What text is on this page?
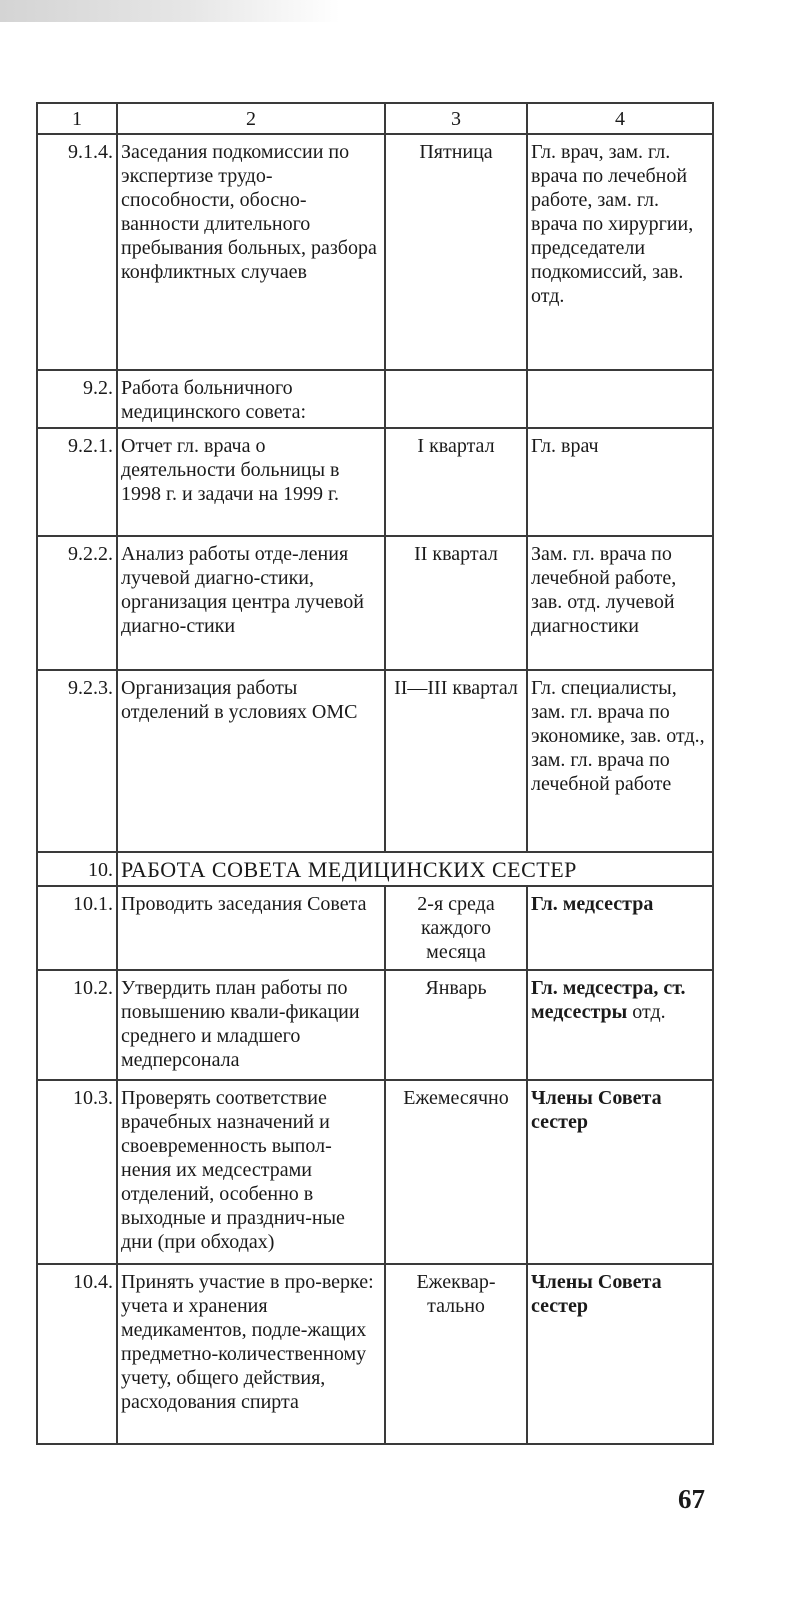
1	2	3	4
9.1.4.	Заседания подкомиссии по экспертизе трудо-способности, обосно-ванности длительного пребывания больных, разбора конфликтных случаев	Пятница	Гл. врач, зам. гл. врача по лечебной работе, зам. гл. врача по хирургии, председатели подкомиссий, зав. отд.
9.2.	Работа больничного медицинского совета:		
9.2.1.	Отчет гл. врача о деятельности больницы в 1998 г. и задачи на 1999 г.	I квартал	Гл. врач
9.2.2.	Анализ работы отде-ления лучевой диагно-стики, организация центра лучевой диагно-стики	II квартал	Зам. гл. врача по лечебной работе, зав. отд. лучевой диагностики
9.2.3.	Организация работы отделений в условиях ОМС	II—III квартал	Гл. специалисты, зам. гл. врача по экономике, зав. отд., зам. гл. врача по лечебной работе
10.	РАБОТА СОВЕТА МЕДИЦИНСКИХ СЕСТЕР		
10.1.	Проводить заседания Совета	2-я среда каждого месяца	Гл. медсестра
10.2.	Утвердить план работы по повышению квали-фикации среднего и младшего медперсонала	Январь	Гл. медсестра, ст. медсестры отд.
10.3.	Проверять соответствие врачебных назначений и своевременность выпол-нения их медсестрами отделений, особенно в выходные и празднич-ные дни (при обходах)	Ежемесячно	Члены Совета сестер
10.4.	Принять участие в про-верке: учета и хранения медикаментов, подле-жащих предметно-количественному учету, общего действия, расходования спирта	Ежеквар-тально	Члены Совета сестер
67
